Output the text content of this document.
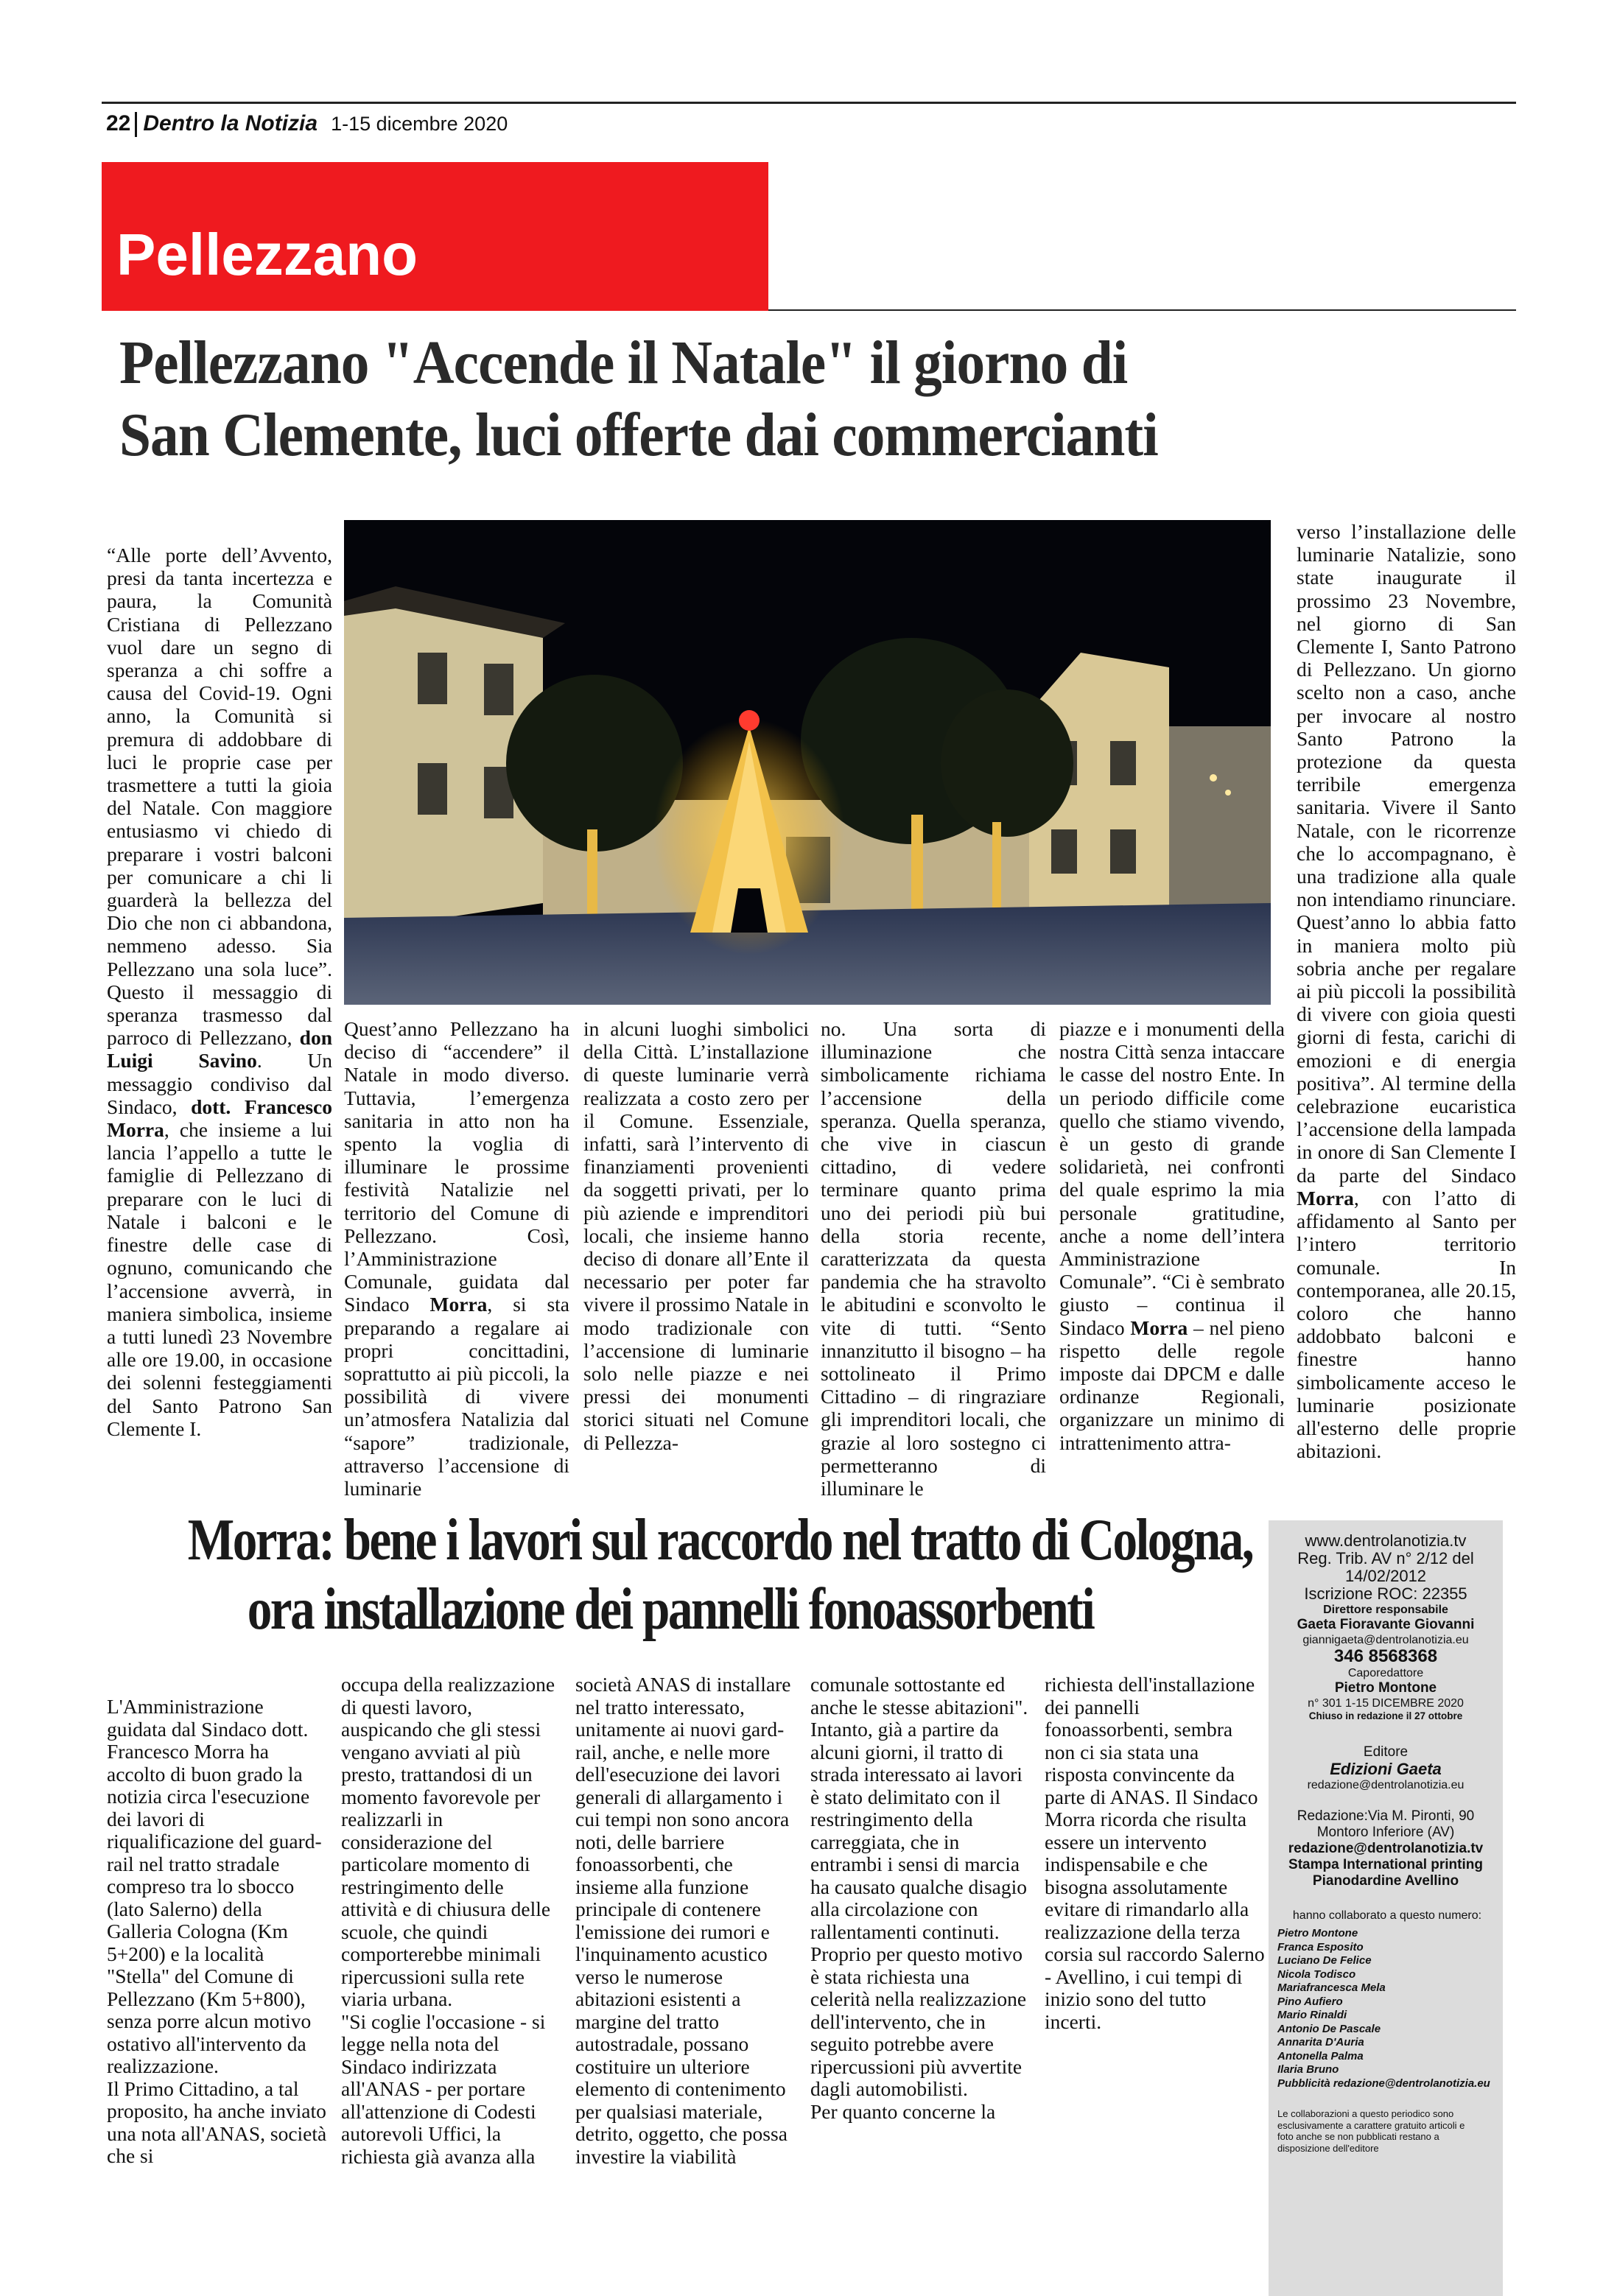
22 Dentro la Notizia 1-15 dicembre 2020
Pellezzano
Pellezzano "Accende il Natale" il giorno di
San Clemente, luci offerte dai commercianti

“Alle porte dell’Avvento, presi da tanta incertezza e paura, la Comunità Cristiana di Pellezzano vuol dare un segno di speranza a chi soffre a causa del Covid-19. Ogni anno, la Comunità si premura di addobbare di luci le proprie case per trasmettere a tutti la gioia del Natale. Con maggiore entusiasmo vi chiedo di preparare i vostri balconi per comunicare a chi li guarderà la bellezza del Dio che non ci abbandona, nemmeno adesso. Sia Pellezzano una sola luce”. Questo il messaggio di speranza trasmesso dal parroco di Pellezzano, don Luigi Savino. Un messaggio condiviso dal Sindaco, dott. Francesco Morra, che insieme a lui lancia l’appello a tutte le famiglie di Pellezzano di preparare con le luci di Natale i balconi e le finestre delle case di ognuno, comunicando che l’accensione avverrà, in maniera simbolica, insieme a tutti lunedì 23 Novembre alle ore 19.00, in occasione dei solenni festeggiamenti del Santo Patrono San Clemente I.

Quest’anno Pellezzano ha deciso di “accendere” il Natale in modo diverso. Tuttavia, l’emergenza sanitaria in atto non ha spento la voglia di illuminare le prossime festività Natalizie nel territorio del Comune di Pellezzano. Così, l’Amministrazione Comunale, guidata dal Sindaco Morra, si sta preparando a regalare ai propri concittadini, soprattutto ai più piccoli, la possibilità di vivere un’atmosfera Natalizia dal “sapore” tradizionale, attraverso l’accensione di luminarie

in alcuni luoghi simbolici della Città. L’installazione di queste luminarie verrà realizzata a costo zero per il Comune. Essenziale, infatti, sarà l’intervento di finanziamenti provenienti da soggetti privati, per lo più aziende e imprenditori locali, che insieme hanno deciso di donare all’Ente il necessario per poter far vivere il prossimo Natale in modo tradizionale con l’accensione di luminarie solo nelle piazze e nei pressi dei monumenti storici situati nel Comune di Pellezza-

no. Una sorta di illuminazione che simbolicamente richiama l’accensione della speranza. Quella speranza, che vive in ciascun cittadino, di vedere terminare quanto prima uno dei periodi più bui della storia recente, caratterizzata da questa pandemia che ha stravolto le abitudini e sconvolto le vite di tutti. “Sento innanzitutto il bisogno – ha sottolineato il Primo Cittadino – di ringraziare gli imprenditori locali, che grazie al loro sostegno ci permetteranno di illuminare le

piazze e i monumenti della nostra Città senza intaccare le casse del nostro Ente. In un periodo difficile come quello che stiamo vivendo, è un gesto di grande solidarietà, nei confronti del quale esprimo la mia personale gratitudine, anche a nome dell’intera Amministrazione Comunale”. “Ci è sembrato giusto – continua il Sindaco Morra – nel pieno rispetto delle regole imposte dai DPCM e dalle ordinanze Regionali, organizzare un minimo di intrattenimento attra-

verso l’installazione delle luminarie Natalizie, sono state inaugurate il prossimo 23 Novembre, nel giorno di San Clemente I, Santo Patrono di Pellezzano. Un giorno scelto non a caso, anche per invocare al nostro Santo Patrono la protezione da questa terribile emergenza sanitaria. Vivere il Santo Natale, con le ricorrenze che lo accompagnano, è una tradizione alla quale non intendiamo rinunciare. Quest’anno lo abbia fatto in maniera molto più sobria anche per regalare ai più piccoli la possibilità di vivere con gioia questi giorni di festa, carichi di emozioni e di energia positiva”. Al termine della celebrazione eucaristica l’accensione della lampada in onore di San Clemente I da parte del Sindaco Morra, con l’atto di affidamento al Santo per l’intero territorio comunale. In contemporanea, alle 20.15, coloro che hanno addobbato balconi e finestre hanno simbolicamente acceso le luminarie posizionate all'esterno delle proprie abitazioni.

Morra: bene i lavori sul raccordo nel tratto di Cologna,
ora installazione dei pannelli fonoassorbenti
L'Amministrazione guidata dal Sindaco dott. Francesco Morra ha accolto di buon grado la notizia circa l'esecuzione dei lavori di riqualificazione del guard-rail nel tratto stradale compreso tra lo sbocco (lato Salerno) della Galleria Cologna (Km 5+200) e la località "Stella" del Comune di Pellezzano (Km 5+800), senza porre alcun motivo ostativo all'intervento da realizzazione.
Il Primo Cittadino, a tal proposito, ha anche inviato una nota all'ANAS, società che si
occupa della realizzazione di questi lavoro, auspicando che gli stessi vengano avviati al più presto, trattandosi di un momento favorevole per realizzarli in considerazione del particolare momento di restringimento delle attività e di chiusura delle scuole, che quindi comporterebbe minimali ripercussioni sulla rete viaria urbana.
"Si coglie l'occasione - si legge nella nota del Sindaco indirizzata all'ANAS - per portare all'attenzione di Codesti autorevoli Uffici, la richiesta già avanza alla
società ANAS di installare nel tratto interessato, unitamente ai nuovi gard-rail, anche, e nelle more dell'esecuzione dei lavori generali di allargamento i cui tempi non sono ancora noti, delle barriere fonoassorbenti, che insieme alla funzione principale di contenere l'emissione dei rumori e l'inquinamento acustico verso le numerose abitazioni esistenti a margine del tratto autostradale, possano costituire un ulteriore elemento di contenimento per qualsiasi materiale, detrito, oggetto, che possa investire la viabilità
comunale sottostante ed anche le stesse abitazioni".
Intanto, già a partire da alcuni giorni, il tratto di strada interessato ai lavori è stato delimitato con il restringimento della carreggiata, che in entrambi i sensi di marcia ha causato qualche disagio alla circolazione con rallentamenti continuti. Proprio per questo motivo è stata richiesta una celerità nella realizzazione dell'intervento, che in seguito potrebbe avere ripercussioni più avvertite dagli automobilisti.
Per quanto concerne la
richiesta dell'installazione dei pannelli fonoassorbenti, sembra non ci sia stata una risposta convincente da parte di ANAS. Il Sindaco Morra ricorda che risulta essere un intervento indispensabile e che bisogna assolutamente evitare di rimandarlo alla realizzazione della terza corsia sul raccordo Salerno - Avellino, i cui tempi di inizio sono del tutto incerti.
www.dentrolanotizia.tv
Reg. Trib. AV n° 2/12 del
14/02/2012
Iscrizione ROC: 22355
Direttore responsabile
Gaeta Fioravante Giovanni
giannigaeta@dentrolanotizia.eu
346 8568368
Caporedattore
Pietro Montone
n° 301 1-15 DICEMBRE 2020
Chiuso in redazione il 27 ottobre
Editore
Edizioni Gaeta
redazione@dentrolanotizia.eu
Redazione:Via M. Pironti, 90
Montoro Inferiore (AV)
redazione@dentrolanotizia.tv
Stampa International printing
Pianodardine Avellino
hanno collaborato a questo numero:
Pietro Montone
Franca Esposito
Luciano De Felice
Nicola Todisco
Mariafrancesca Mela
Pino Aufiero
Mario Rinaldi
Antonio De Pascale
Annarita D'Auria
Antonella Palma
Ilaria Bruno
Pubblicità redazione@dentrolanotizia.eu
Le collaborazioni a questo periodico sono
esclusivamente a carattere gratuito articoli e
foto anche se non pubblicati restano a
disposizione dell'editore
